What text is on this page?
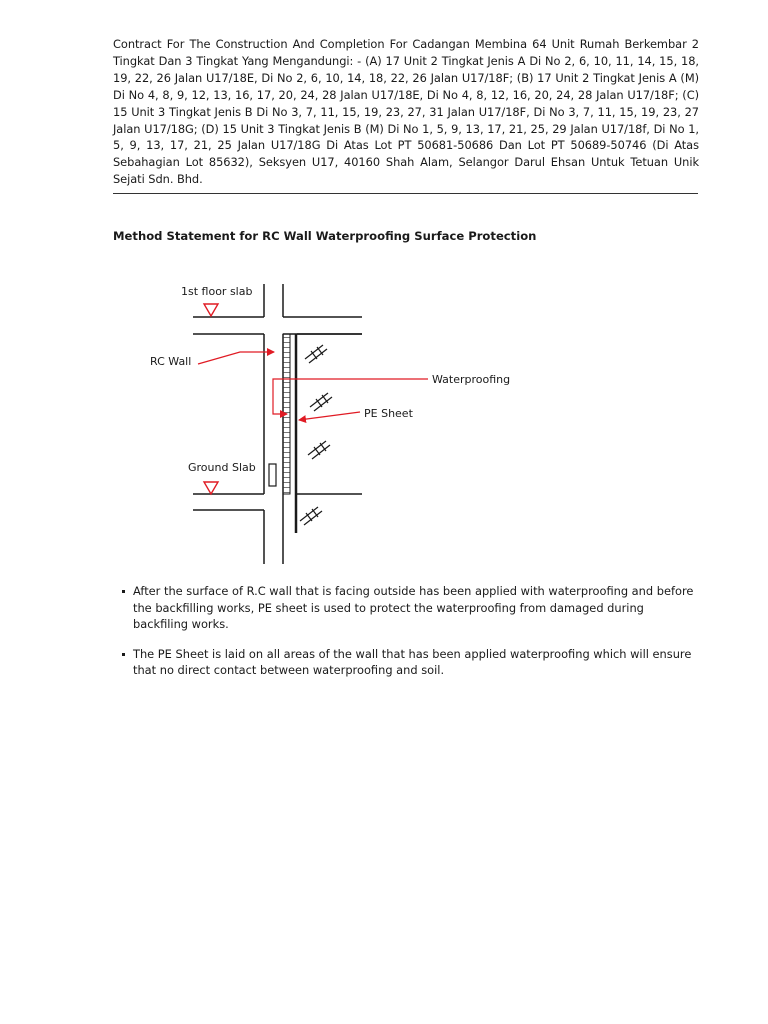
Contract For The Construction And Completion For Cadangan Membina 64 Unit Rumah Berkembar 2 Tingkat Dan 3 Tingkat Yang Mengandungi: - (A) 17 Unit 2 Tingkat Jenis A Di No 2, 6, 10, 11, 14, 15, 18, 19, 22, 26 Jalan U17/18E, Di No 2, 6, 10, 14, 18, 22, 26 Jalan U17/18F; (B) 17 Unit 2 Tingkat Jenis A (M) Di No 4, 8, 9, 12, 13, 16, 17, 20, 24, 28 Jalan U17/18E, Di No 4, 8, 12, 16, 20, 24, 28 Jalan U17/18F; (C) 15 Unit 3 Tingkat Jenis B Di No 3, 7, 11, 15, 19, 23, 27, 31 Jalan U17/18F, Di No 3, 7, 11, 15, 19, 23, 27 Jalan U17/18G; (D) 15 Unit 3 Tingkat Jenis B (M) Di No 1, 5, 9, 13, 17, 21, 25, 29 Jalan U17/18f, Di No 1, 5, 9, 13, 17, 21, 25 Jalan U17/18G Di Atas Lot PT 50681-50686 Dan Lot PT 50689-50746 (Di Atas Sebahagian Lot 85632), Seksyen U17, 40160 Shah Alam, Selangor Darul Ehsan Untuk Tetuan Unik Sejati Sdn. Bhd.
Method Statement for RC Wall Waterproofing Surface Protection
1st floor slab
RC Wall
Waterproofing
PE Sheet
Ground Slab
After the surface of R.C wall that is facing outside has been applied with waterproofing and before the backfilling works, PE sheet is used to protect the waterproofing from damaged during backfiling works.
The PE Sheet is laid on all areas of the wall that has been applied waterproofing which will ensure that no direct contact between waterproofing and soil.
